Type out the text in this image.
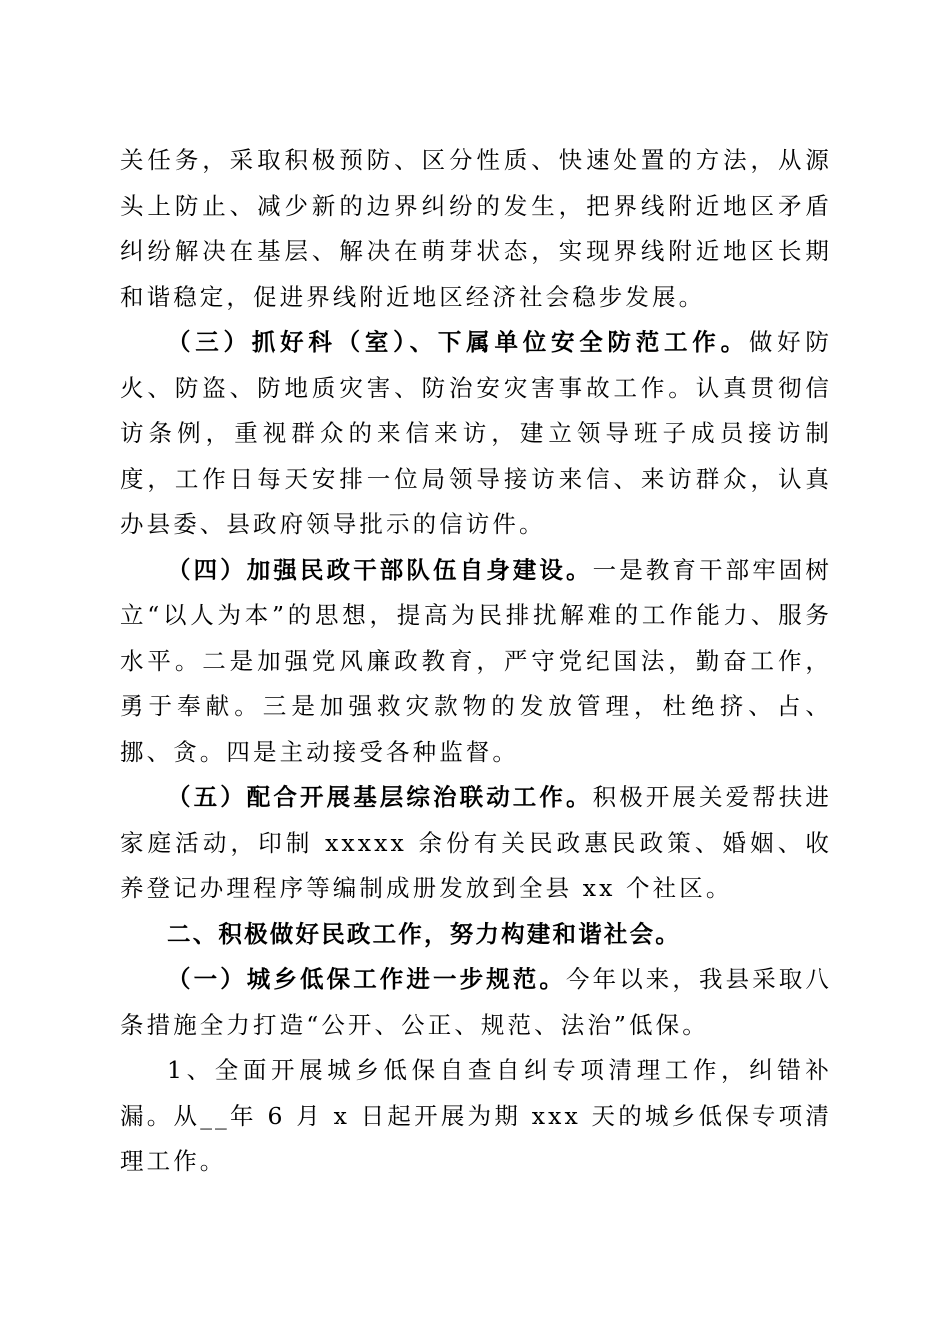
关任务，采取积极预防、区分性质、快速处置的方法，从源头上防止、减少新的边界纠纷的发生，把界线附近地区矛盾纠纷解决在基层、解决在萌芽状态，实现界线附近地区长期和谐稳定，促进界线附近地区经济社会稳步发展。

（三）抓好科（室）、下属单位安全防范工作。做好防火、防盗、防地质灾害、防治安灾害事故工作。认真贯彻信访条例，重视群众的来信来访，建立领导班子成员接访制度，工作日每天安排一位局领导接访来信、来访群众，认真办县委、县政府领导批示的信访件。

（四）加强民政干部队伍自身建设。一是教育干部牢固树立“以人为本”的思想，提高为民排扰解难的工作能力、服务水平。二是加强党风廉政教育，严守党纪国法，勤奋工作，勇于奉献。三是加强救灾款物的发放管理，杜绝挤、占、挪、贪。四是主动接受各种监督。

（五）配合开展基层综治联动工作。积极开展关爱帮扶进家庭活动，印制 xxxxx 余份有关民政惠民政策、婚姻、收养登记办理程序等编制成册发放到全县 xx 个社区。

二、积极做好民政工作，努力构建和谐社会。

（一）城乡低保工作进一步规范。今年以来，我县采取八条措施全力打造“公开、公正、规范、法治”低保。

1、全面开展城乡低保自查自纠专项清理工作，纠错补漏。从__年 6 月 x 日起开展为期 xxx 天的城乡低保专项清理工作。
